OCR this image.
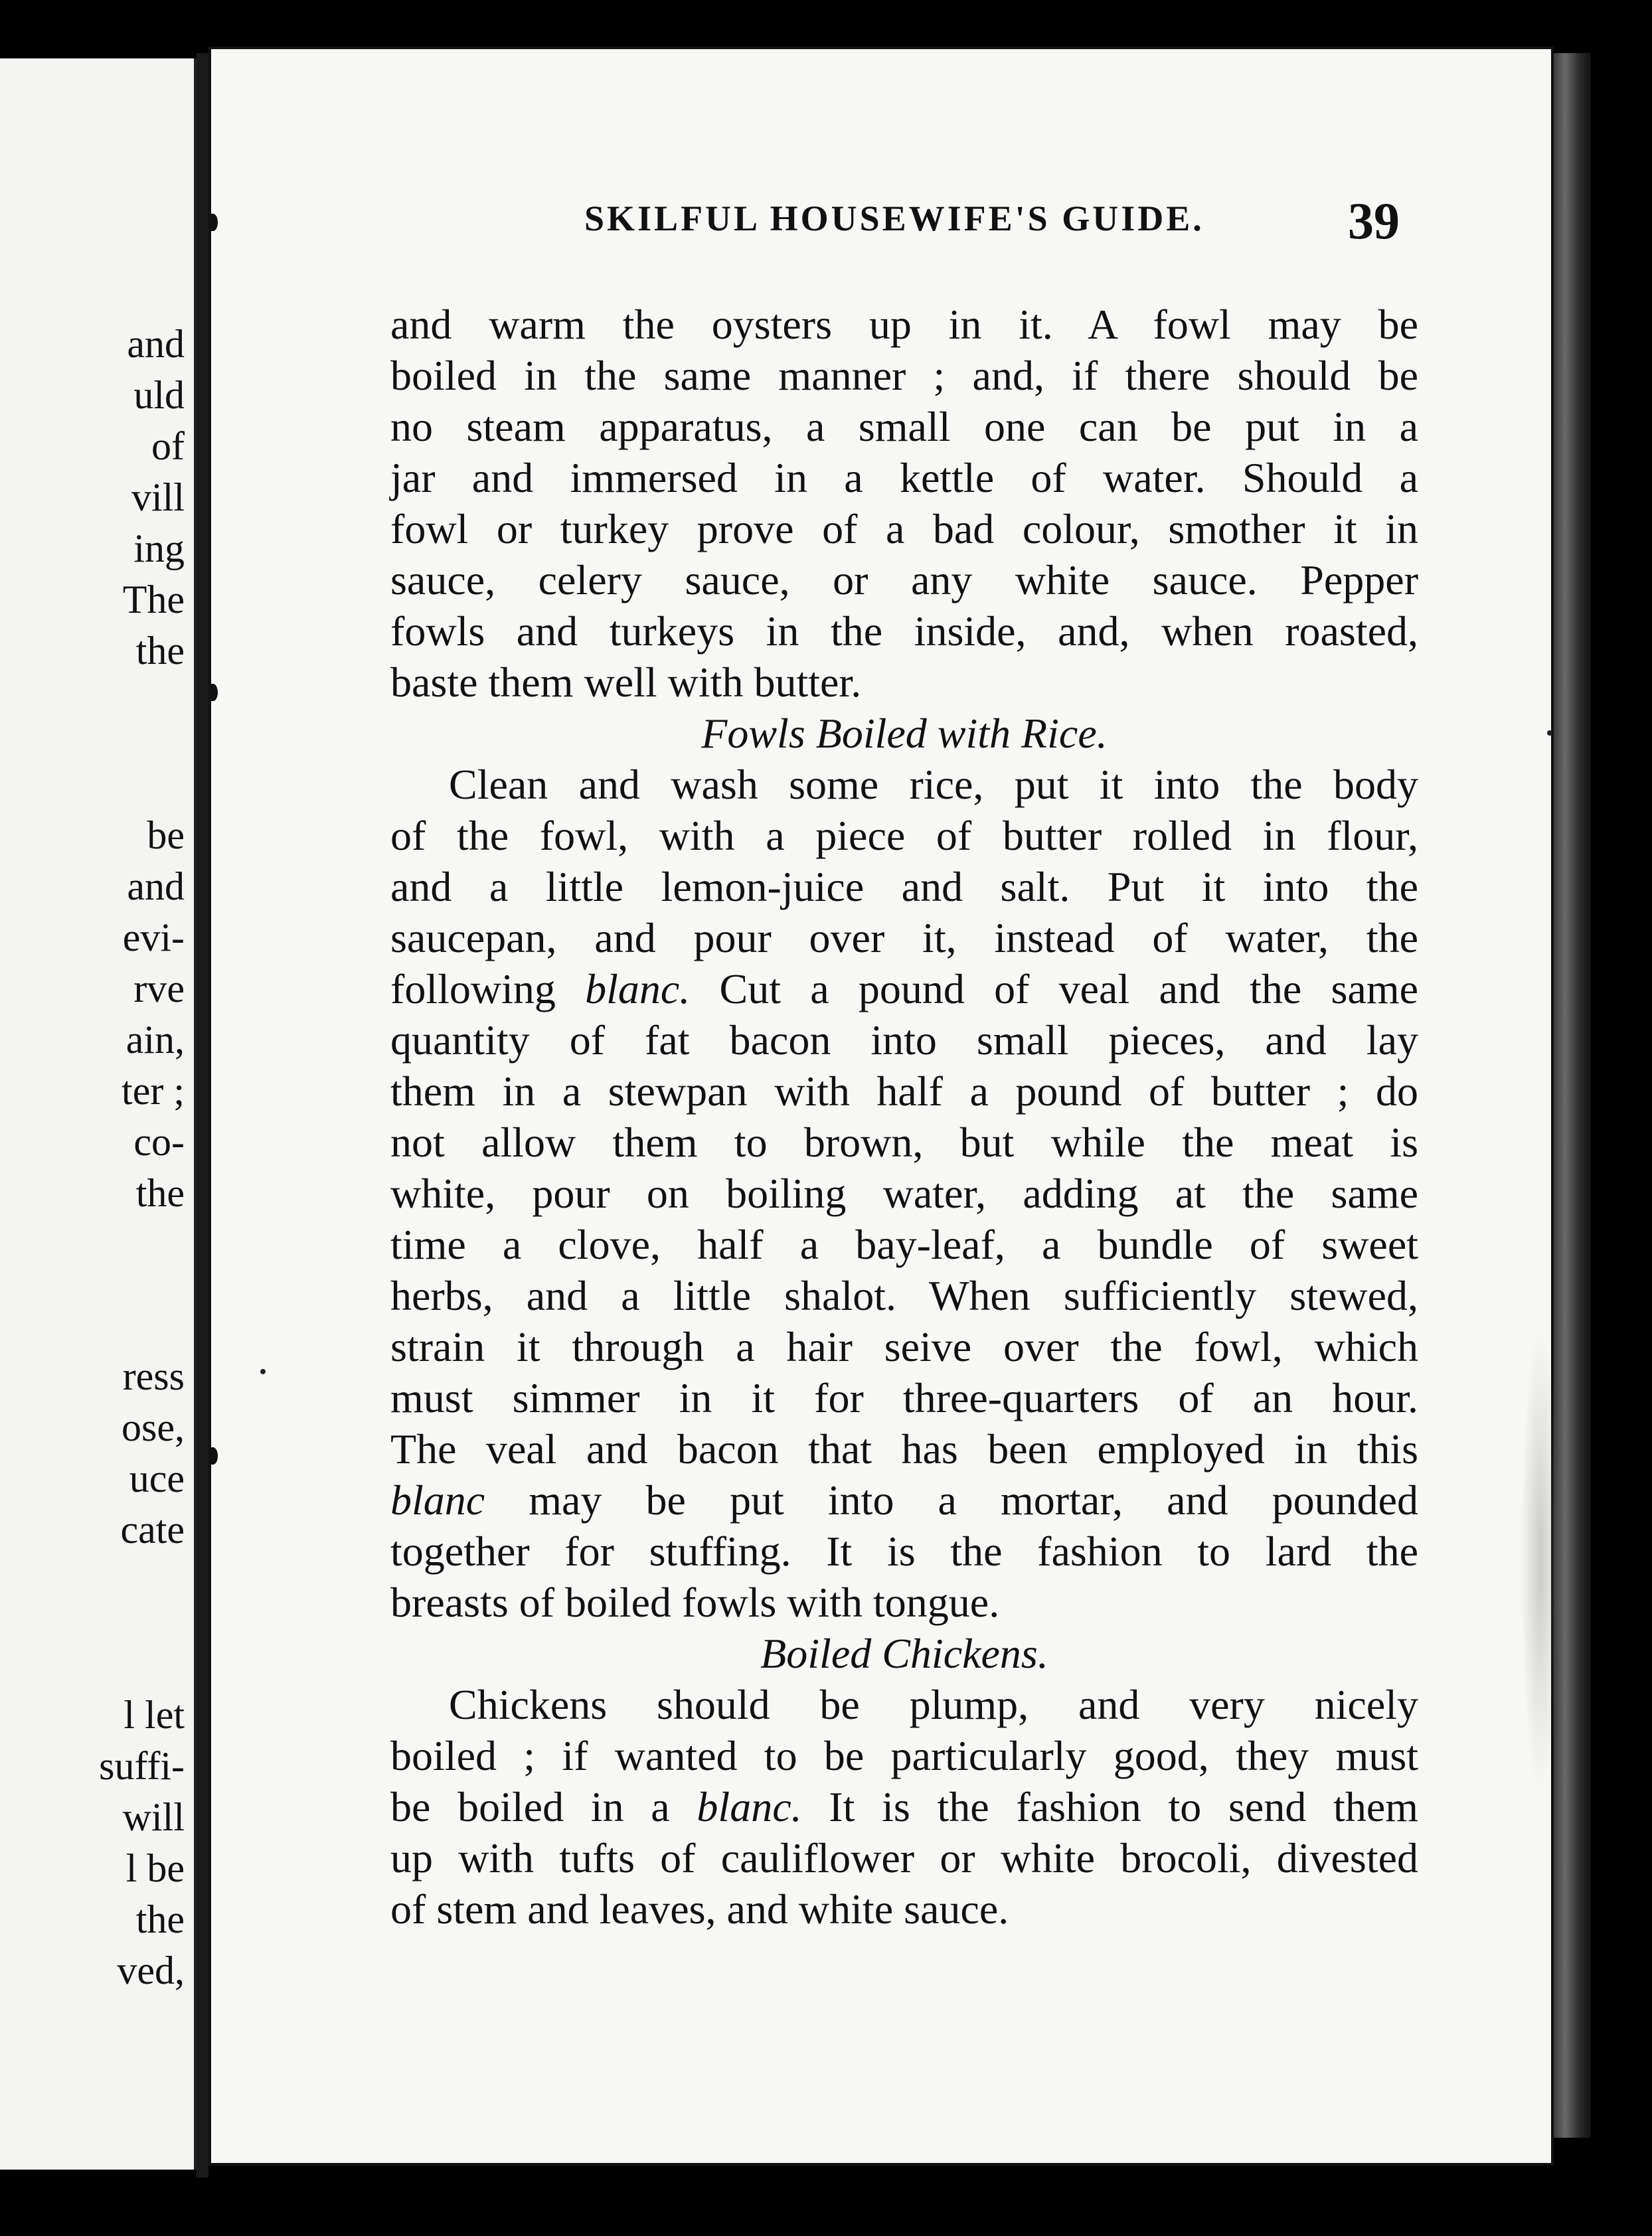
and
uld
of
vill
ing
The
the
be
and
evi-
rve
ain,
ter ;
co-
the
ress
ose,
uce
cate
l let
suffi-
will
l be
the
ved,
SKILFUL HOUSEWIFE'S GUIDE.	39
and warm the oysters up in it. A fowl may be
boiled in the same manner ; and, if there should be
no steam apparatus, a small one can be put in a
jar and immersed in a kettle of water. Should a
fowl or turkey prove of a bad colour, smother it in
sauce, celery sauce, or any white sauce. Pepper
fowls and turkeys in the inside, and, when roasted,
baste them well with butter.
Fowls Boiled with Rice.
Clean and wash some rice, put it into the body
of the fowl, with a piece of butter rolled in flour,
and a little lemon-juice and salt. Put it into the
saucepan, and pour over it, instead of water, the
following blanc. Cut a pound of veal and the same
quantity of fat bacon into small pieces, and lay
them in a stewpan with half a pound of butter ; do
not allow them to brown, but while the meat is
white, pour on boiling water, adding at the same
time a clove, half a bay-leaf, a bundle of sweet
herbs, and a little shalot. When sufficiently stewed,
strain it through a hair seive over the fowl, which
must simmer in it for three-quarters of an hour.
The veal and bacon that has been employed in this
blanc may be put into a mortar, and pounded
together for stuffing. It is the fashion to lard the
breasts of boiled fowls with tongue.
Boiled Chickens.
Chickens should be plump, and very nicely
boiled ; if wanted to be particularly good, they must
be boiled in a blanc. It is the fashion to send them
up with tufts of cauliflower or white brocoli, divested
of stem and leaves, and white sauce.
